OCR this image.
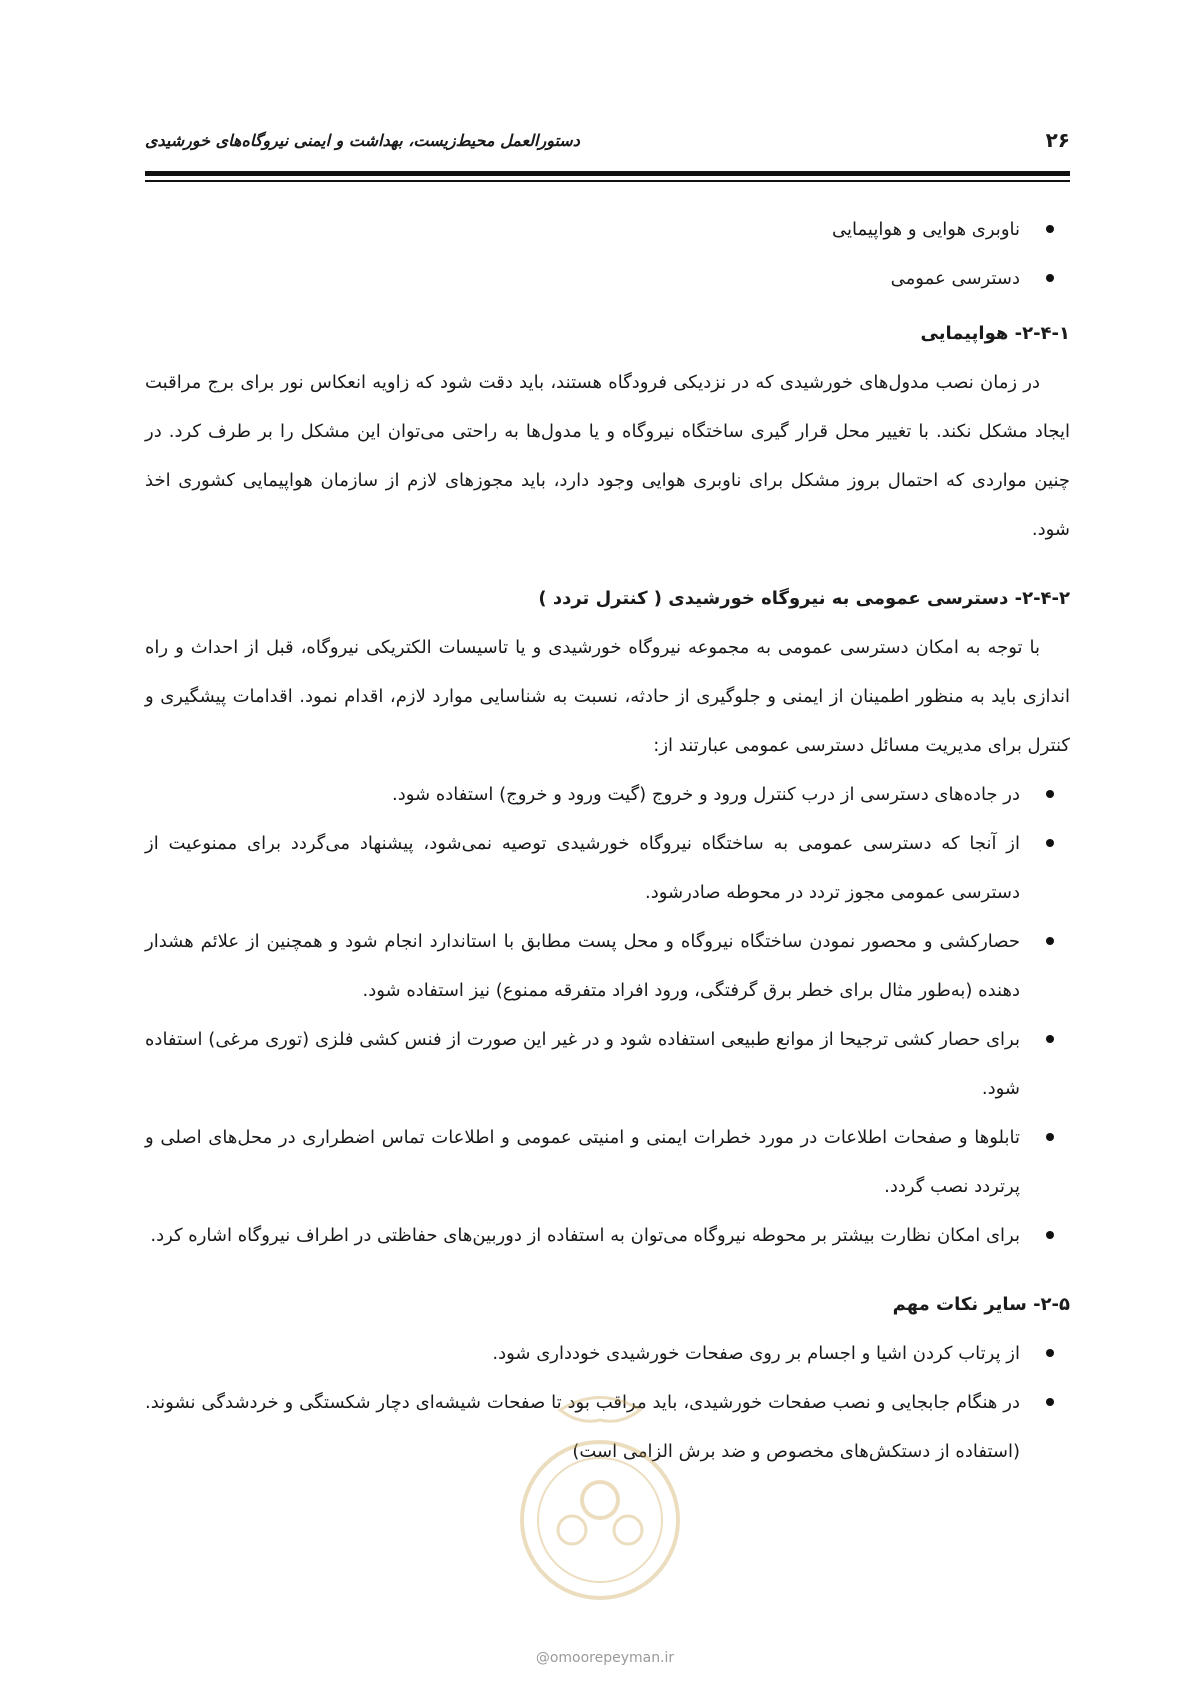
۲۶
دستورالعمل محیط‌زیست، بهداشت و ایمنی نیروگاه‌های خورشیدی
ناوبری هوایی و هواپیمایی
دسترسی عمومی
۲-۴-۱- هواپیمایی

در زمان نصب مدول‌های خورشیدی که در نزدیکی فرودگاه هستند، باید دقت شود که زاویه انعکاس نور برای برج مراقبت ایجاد مشکل نکند. با تغییر محل قرار گیری ساختگاه نیروگاه و یا مدول‌ها به راحتی می‌توان این مشکل را بر طرف کرد. در چنین مواردی که احتمال بروز مشکل برای ناوبری هوایی وجود دارد، باید مجوزهای لازم از سازمان هواپیمایی کشوری اخذ شود.

۲-۴-۲- دسترسی عمومی به نیروگاه خورشیدی ( کنترل تردد )

با توجه به امکان دسترسی عمومی به مجموعه نیروگاه خورشیدی و یا تاسیسات الکتریکی نیروگاه، قبل از احداث و راه اندازی باید به منظور اطمینان از ایمنی و جلوگیری از حادثه، نسبت به شناسایی موارد لازم، اقدام نمود. اقدامات پیشگیری و کنترل برای مدیریت مسائل دسترسی عمومی عبارتند از:

در جاده‌های دسترسی از درب کنترل ورود و خروج (گیت ورود و خروج) استفاده شود.
از آنجا که دسترسی عمومی به ساختگاه نیروگاه خورشیدی توصیه نمی‌شود، پیشنهاد می‌گردد برای ممنوعیت از دسترسی عمومی مجوز تردد در محوطه صادرشود.
حصارکشی و محصور نمودن ساختگاه نیروگاه و محل پست مطابق با استاندارد انجام شود و همچنین از علائم هشدار دهنده (به‌طور مثال برای خطر برق گرفتگی، ورود افراد متفرقه ممنوع) نیز استفاده شود.
برای حصار کشی ترجیحا از موانع طبیعی استفاده شود و در غیر این صورت از فنس کشی فلزی (توری مرغی) استفاده شود.
تابلوها و صفحات اطلاعات در مورد خطرات ایمنی و امنیتی عمومی و اطلاعات تماس اضطراری در محل‌های اصلی و پرتردد نصب گردد.
برای امکان نظارت بیشتر بر محوطه نیروگاه می‌توان به استفاده از دوربین‌های حفاظتی در اطراف نیروگاه اشاره کرد.
۲-۵- سایر نکات مهم
از پرتاب کردن اشیا و اجسام بر روی صفحات خورشیدی خودداری شود.
در هنگام جابجایی و نصب صفحات خورشیدی، باید مراقب بود تا صفحات شیشه‌ای دچار شکستگی و خردشدگی نشوند. (استفاده از دستکش‌های مخصوص و ضد برش الزامی است)
@omoorepeyman.ir
